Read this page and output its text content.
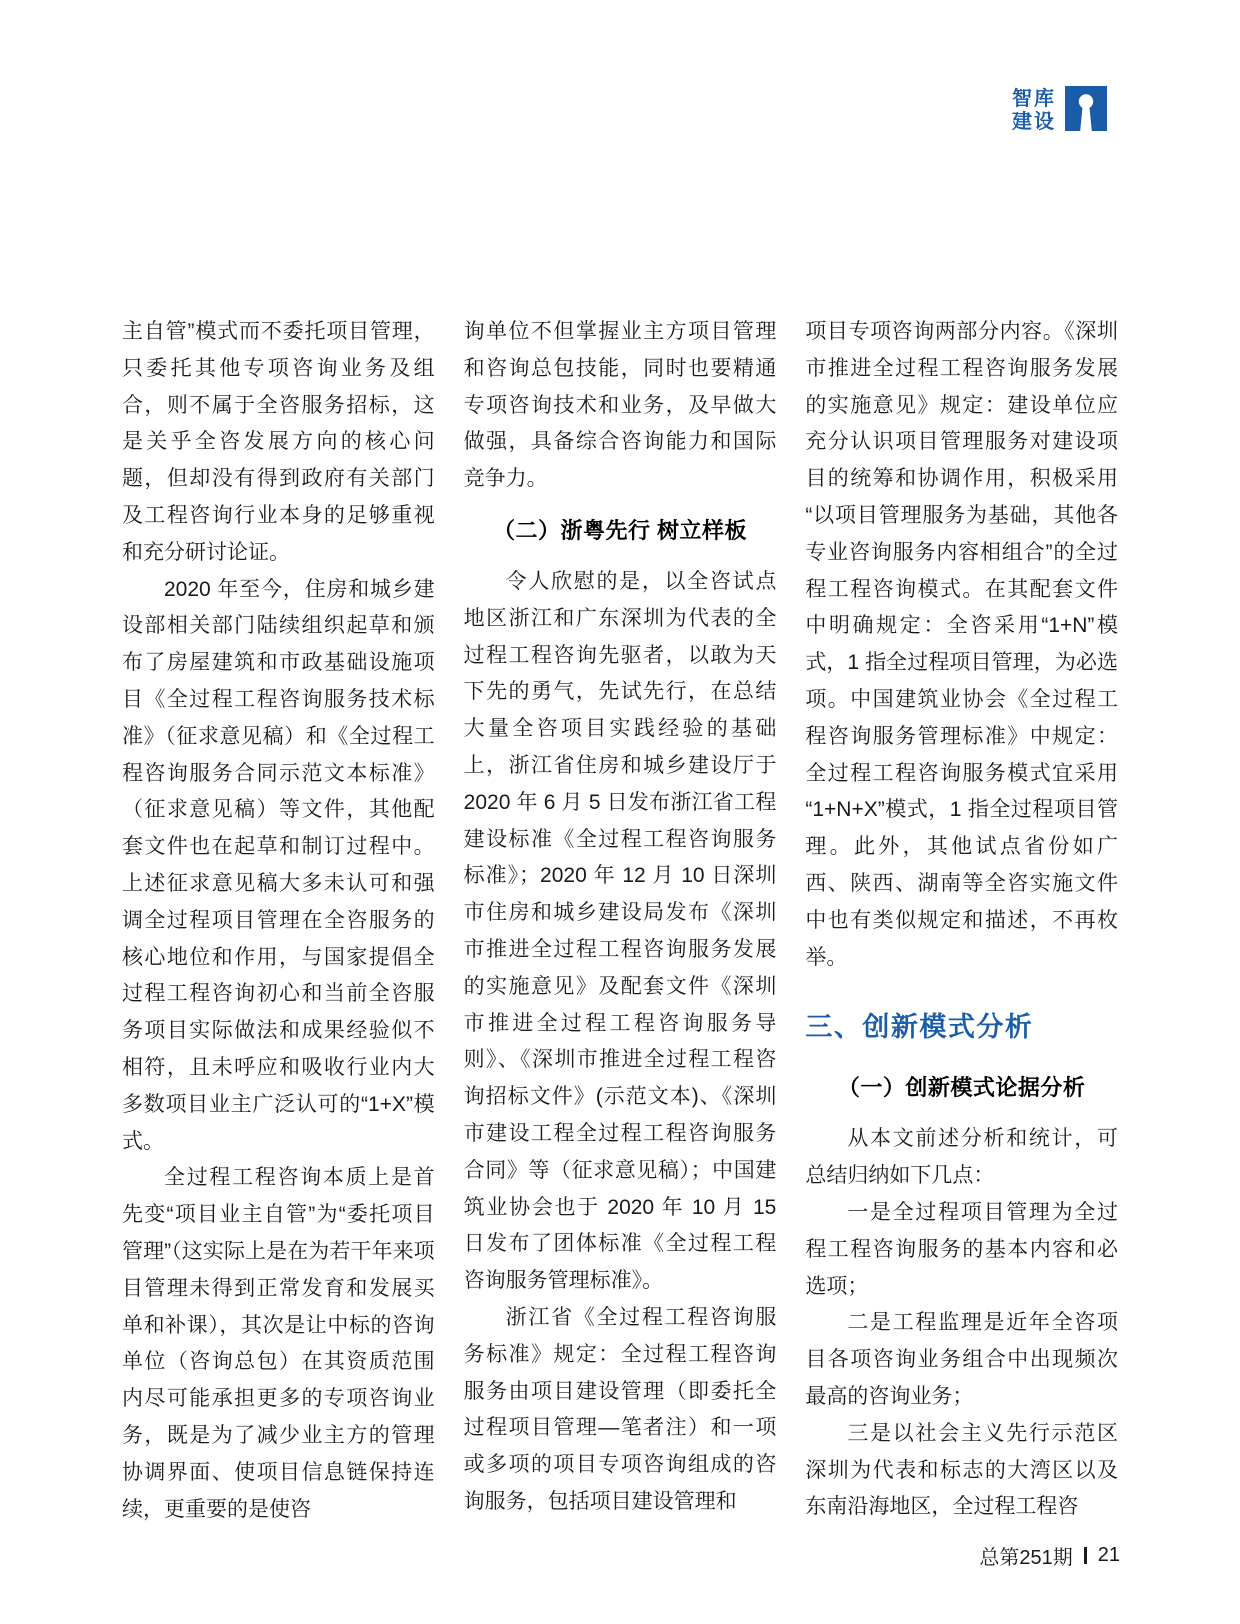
智库
建设

主自管”模式而不委托项目管理，只委托其他专项咨询业务及组合，则不属于全咨服务招标，这是关乎全咨发展方向的核心问题，但却没有得到政府有关部门及工程咨询行业本身的足够重视和充分研讨论证。

2020 年至今，住房和城乡建设部相关部门陆续组织起草和颁布了房屋建筑和市政基础设施项目《全过程工程咨询服务技术标准》（征求意见稿）和《全过程工程咨询服务合同示范文本标准》（征求意见稿）等文件，其他配套文件也在起草和制订过程中。上述征求意见稿大多未认可和强调全过程项目管理在全咨服务的核心地位和作用，与国家提倡全过程工程咨询初心和当前全咨服务项目实际做法和成果经验似不相符，且未呼应和吸收行业内大多数项目业主广泛认可的“1+X”模式。

全过程工程咨询本质上是首先变“项目业主自管”为“委托项目管理”（这实际上是在为若干年来项目管理未得到正常发育和发展买单和补课），其次是让中标的咨询单位（咨询总包）在其资质范围内尽可能承担更多的专项咨询业务，既是为了减少业主方的管理协调界面、使项目信息链保持连续，更重要的是使咨

询单位不但掌握业主方项目管理和咨询总包技能，同时也要精通专项咨询技术和业务，及早做大做强，具备综合咨询能力和国际竞争力。

（二）浙粤先行 树立样板

令人欣慰的是，以全咨试点地区浙江和广东深圳为代表的全过程工程咨询先驱者，以敢为天下先的勇气，先试先行，在总结大量全咨项目实践经验的基础上，浙江省住房和城乡建设厅于 2020 年 6 月 5 日发布浙江省工程建设标准《全过程工程咨询服务标准》；2020 年 12 月 10 日深圳市住房和城乡建设局发布《深圳市推进全过程工程咨询服务发展的实施意见》及配套文件《深圳市推进全过程工程咨询服务导则》、《深圳市推进全过程工程咨询招标文件》(示范文本)、《深圳市建设工程全过程工程咨询服务合同》等（征求意见稿）；中国建筑业协会也于 2020 年 10 月 15 日发布了团体标准《全过程工程咨询服务管理标准》。

浙江省《全过程工程咨询服务标准》规定：全过程工程咨询服务由项目建设管理（即委托全过程项目管理—笔者注）和一项或多项的项目专项咨询组成的咨询服务，包括项目建设管理和

项目专项咨询两部分内容。《深圳市推进全过程工程咨询服务发展的实施意见》规定：建设单位应充分认识项目管理服务对建设项目的统筹和协调作用，积极采用“以项目管理服务为基础，其他各专业咨询服务内容相组合”的全过程工程咨询模式。在其配套文件中明确规定：全咨采用“1+N”模式，1 指全过程项目管理，为必选项。中国建筑业协会《全过程工程咨询服务管理标准》中规定：全过程工程咨询服务模式宜采用“1+N+X”模式，1 指全过程项目管理。此外，其他试点省份如广西、陕西、湖南等全咨实施文件中也有类似规定和描述，不再枚举。

三、创新模式分析
（一）创新模式论据分析

从本文前述分析和统计，可总结归纳如下几点：

一是全过程项目管理为全过程工程咨询服务的基本内容和必选项；

二是工程监理是近年全咨项目各项咨询业务组合中出现频次最高的咨询业务；

三是以社会主义先行示范区深圳为代表和标志的大湾区以及东南沿海地区，全过程工程咨

总第251期 21
